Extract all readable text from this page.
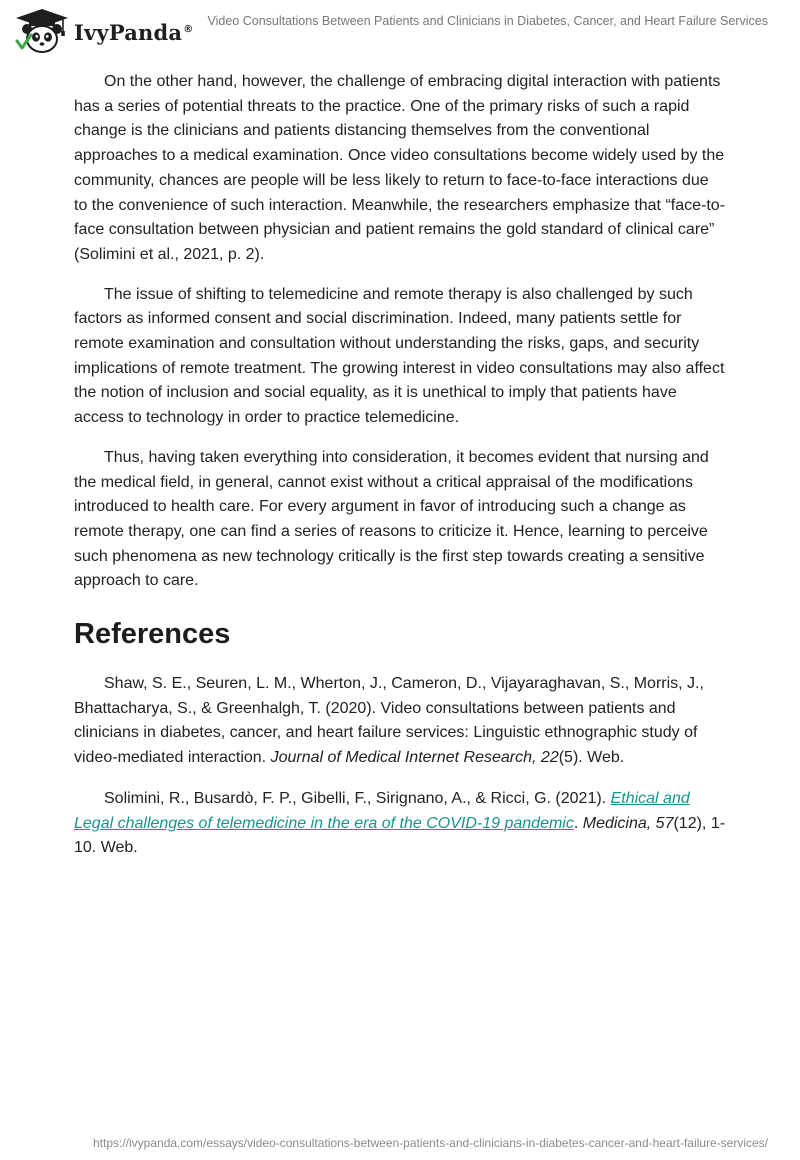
IvyPanda®
Video Consultations Between Patients and Clinicians in Diabetes, Cancer, and Heart Failure Services

On the other hand, however, the challenge of embracing digital interaction with patients has a series of potential threats to the practice. One of the primary risks of such a rapid change is the clinicians and patients distancing themselves from the conventional approaches to a medical examination. Once video consultations become widely used by the community, chances are people will be less likely to return to face-to-face interactions due to the convenience of such interaction. Meanwhile, the researchers emphasize that “face-to-face consultation between physician and patient remains the gold standard of clinical care” (Solimini et al., 2021, p. 2).

The issue of shifting to telemedicine and remote therapy is also challenged by such factors as informed consent and social discrimination. Indeed, many patients settle for remote examination and consultation without understanding the risks, gaps, and security implications of remote treatment. The growing interest in video consultations may also affect the notion of inclusion and social equality, as it is unethical to imply that patients have access to technology in order to practice telemedicine.

Thus, having taken everything into consideration, it becomes evident that nursing and the medical field, in general, cannot exist without a critical appraisal of the modifications introduced to health care. For every argument in favor of introducing such a change as remote therapy, one can find a series of reasons to criticize it. Hence, learning to perceive such phenomena as new technology critically is the first step towards creating a sensitive approach to care.

References

Shaw, S. E., Seuren, L. M., Wherton, J., Cameron, D., Vijayaraghavan, S., Morris, J., Bhattacharya, S., & Greenhalgh, T. (2020). Video consultations between patients and clinicians in diabetes, cancer, and heart failure services: Linguistic ethnographic study of video-mediated interaction. Journal of Medical Internet Research, 22(5). Web.

Solimini, R., Busardò, F. P., Gibelli, F., Sirignano, A., & Ricci, G. (2021). Ethical and Legal challenges of telemedicine in the era of the COVID-19 pandemic. Medicina, 57(12), 1-10. Web.

https://ivypanda.com/essays/video-consultations-between-patients-and-clinicians-in-diabetes-cancer-and-heart-failure-services/
